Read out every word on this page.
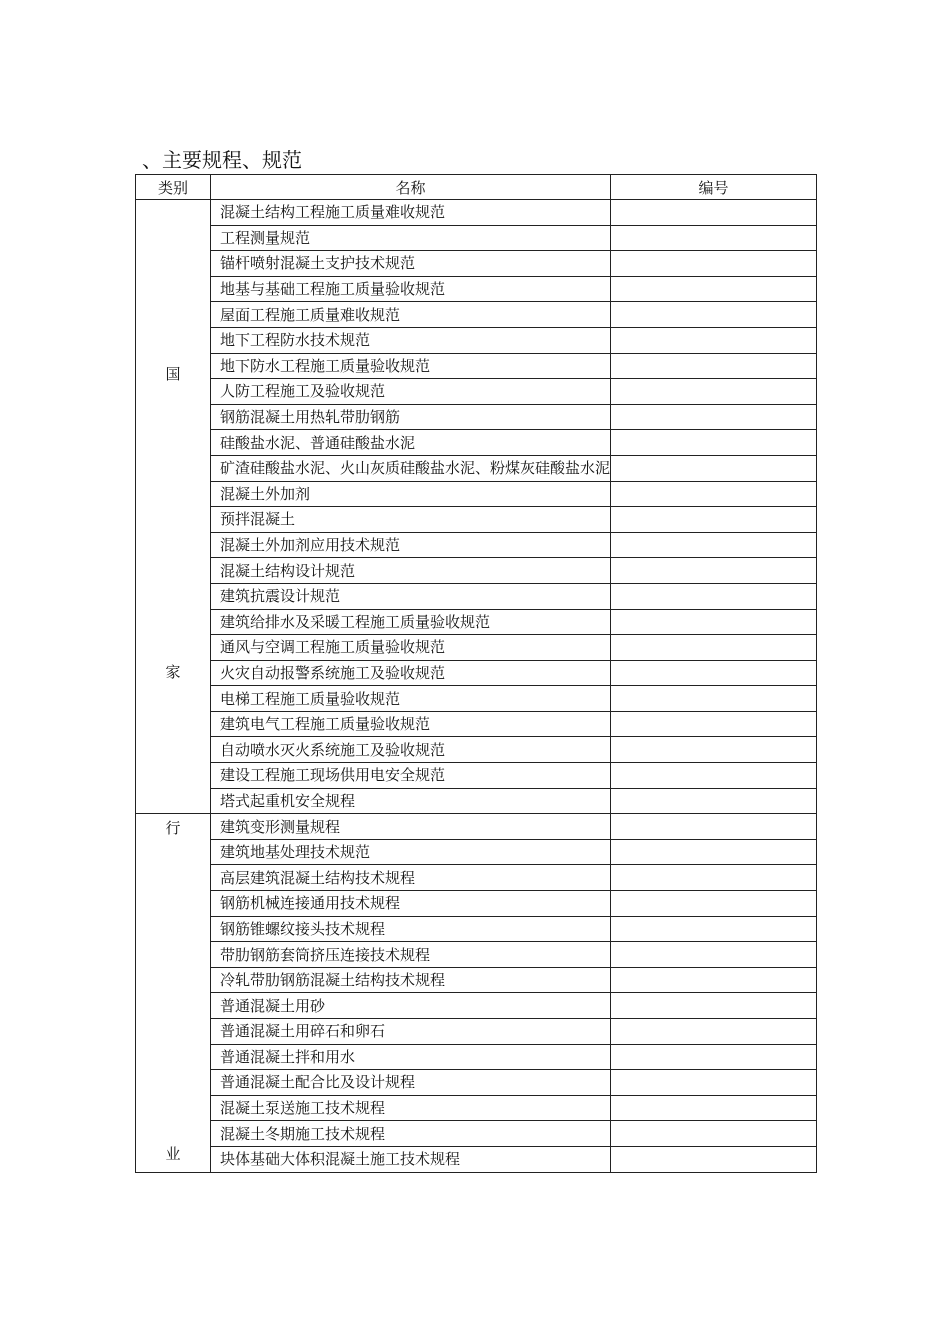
、主要规程、规范
类别	名称	编号

国
家	混凝土结构工程施工质量难收规范	
	工程测量规范	
	锚杆喷射混凝土支护技术规范	
	地基与基础工程施工质量验收规范	
	屋面工程施工质量难收规范	
	地下工程防水技术规范	
	地下防水工程施工质量验收规范	
	人防工程施工及验收规范	
	钢筋混凝土用热轧带肋钢筋	
	硅酸盐水泥、普通硅酸盐水泥	
	矿渣硅酸盐水泥、火山灰质硅酸盐水泥、粉煤灰硅酸盐水泥	
	混凝土外加剂	
	预拌混凝土	
	混凝土外加剂应用技术规范	
	混凝土结构设计规范	
	建筑抗震设计规范	
	建筑给排水及采暖工程施工质量验收规范	
	通风与空调工程施工质量验收规范	
	火灾自动报警系统施工及验收规范	
	电梯工程施工质量验收规范	
	建筑电气工程施工质量验收规范	
	自动喷水灭火系统施工及验收规范	
	建设工程施工现场供用电安全规范	
	塔式起重机安全规程	

行
业	建筑变形测量规程	
	建筑地基处理技术规范	
	高层建筑混凝土结构技术规程	
	钢筋机械连接通用技术规程	
	钢筋锥螺纹接头技术规程	
	带肋钢筋套筒挤压连接技术规程	
	冷轧带肋钢筋混凝土结构技术规程	
	普通混凝土用砂	
	普通混凝土用碎石和卵石	
	普通混凝土拌和用水	
	普通混凝土配合比及设计规程	
	混凝土泵送施工技术规程	
	混凝土冬期施工技术规程	
	块体基础大体积混凝土施工技术规程	
